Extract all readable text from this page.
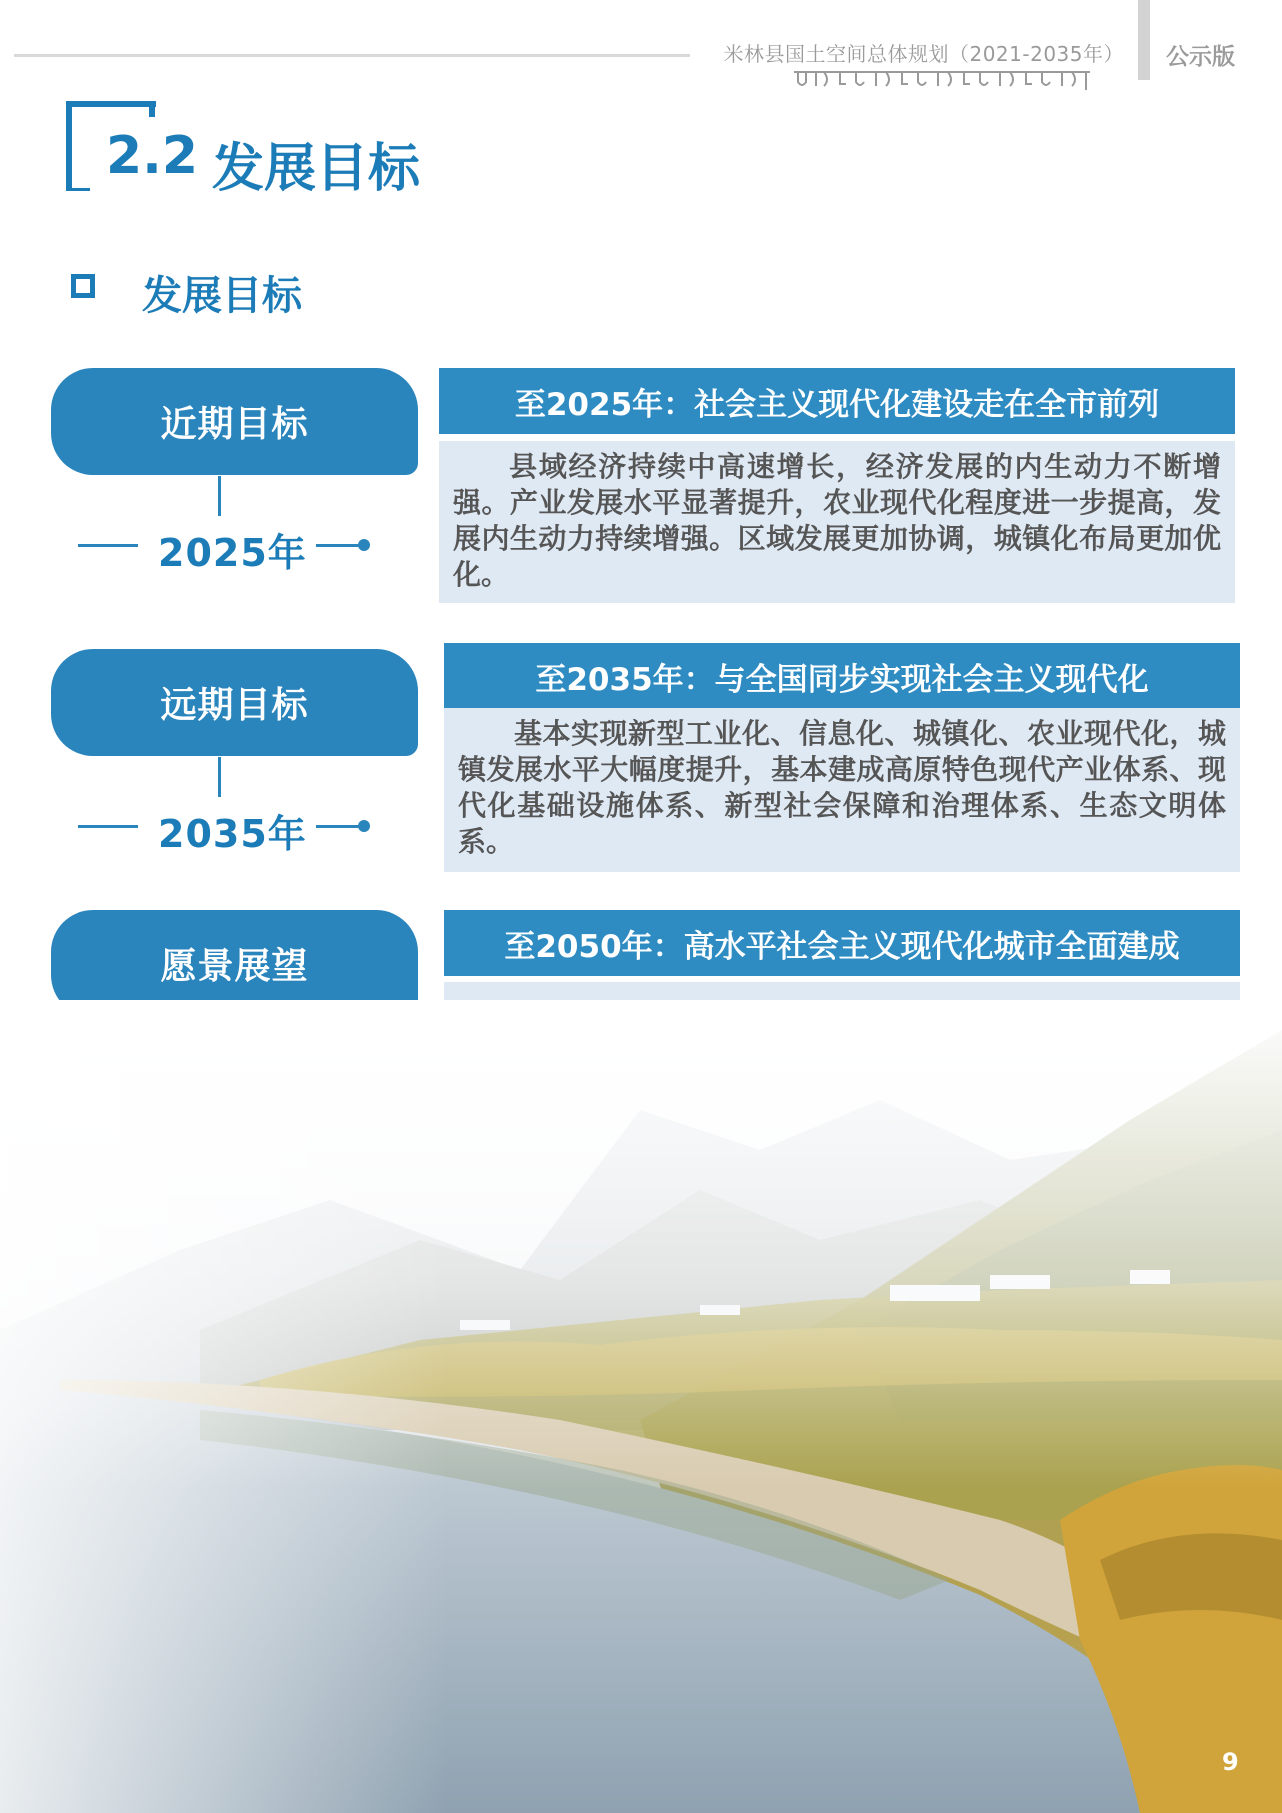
米林县国土空间总体规划（2021-2035年） 公示版
2.2 发展目标
发展目标
近期目标
2025年
至2025年：社会主义现代化建设走在全市前列
县域经济持续中高速增长，经济发展的内生动力不断增强。产业发展水平显著提升，农业现代化程度进一步提高，发展内生动力持续增强。区域发展更加协调，城镇化布局更加优化。
远期目标
2035年
至2035年：与全国同步实现社会主义现代化
基本实现新型工业化、信息化、城镇化、农业现代化，城镇发展水平大幅度提升，基本建成高原特色现代产业体系、现代化基础设施体系、新型社会保障和治理体系、生态文明体系。
愿景展望	至2050年：高水平社会主义现代化城市全面建成
9
